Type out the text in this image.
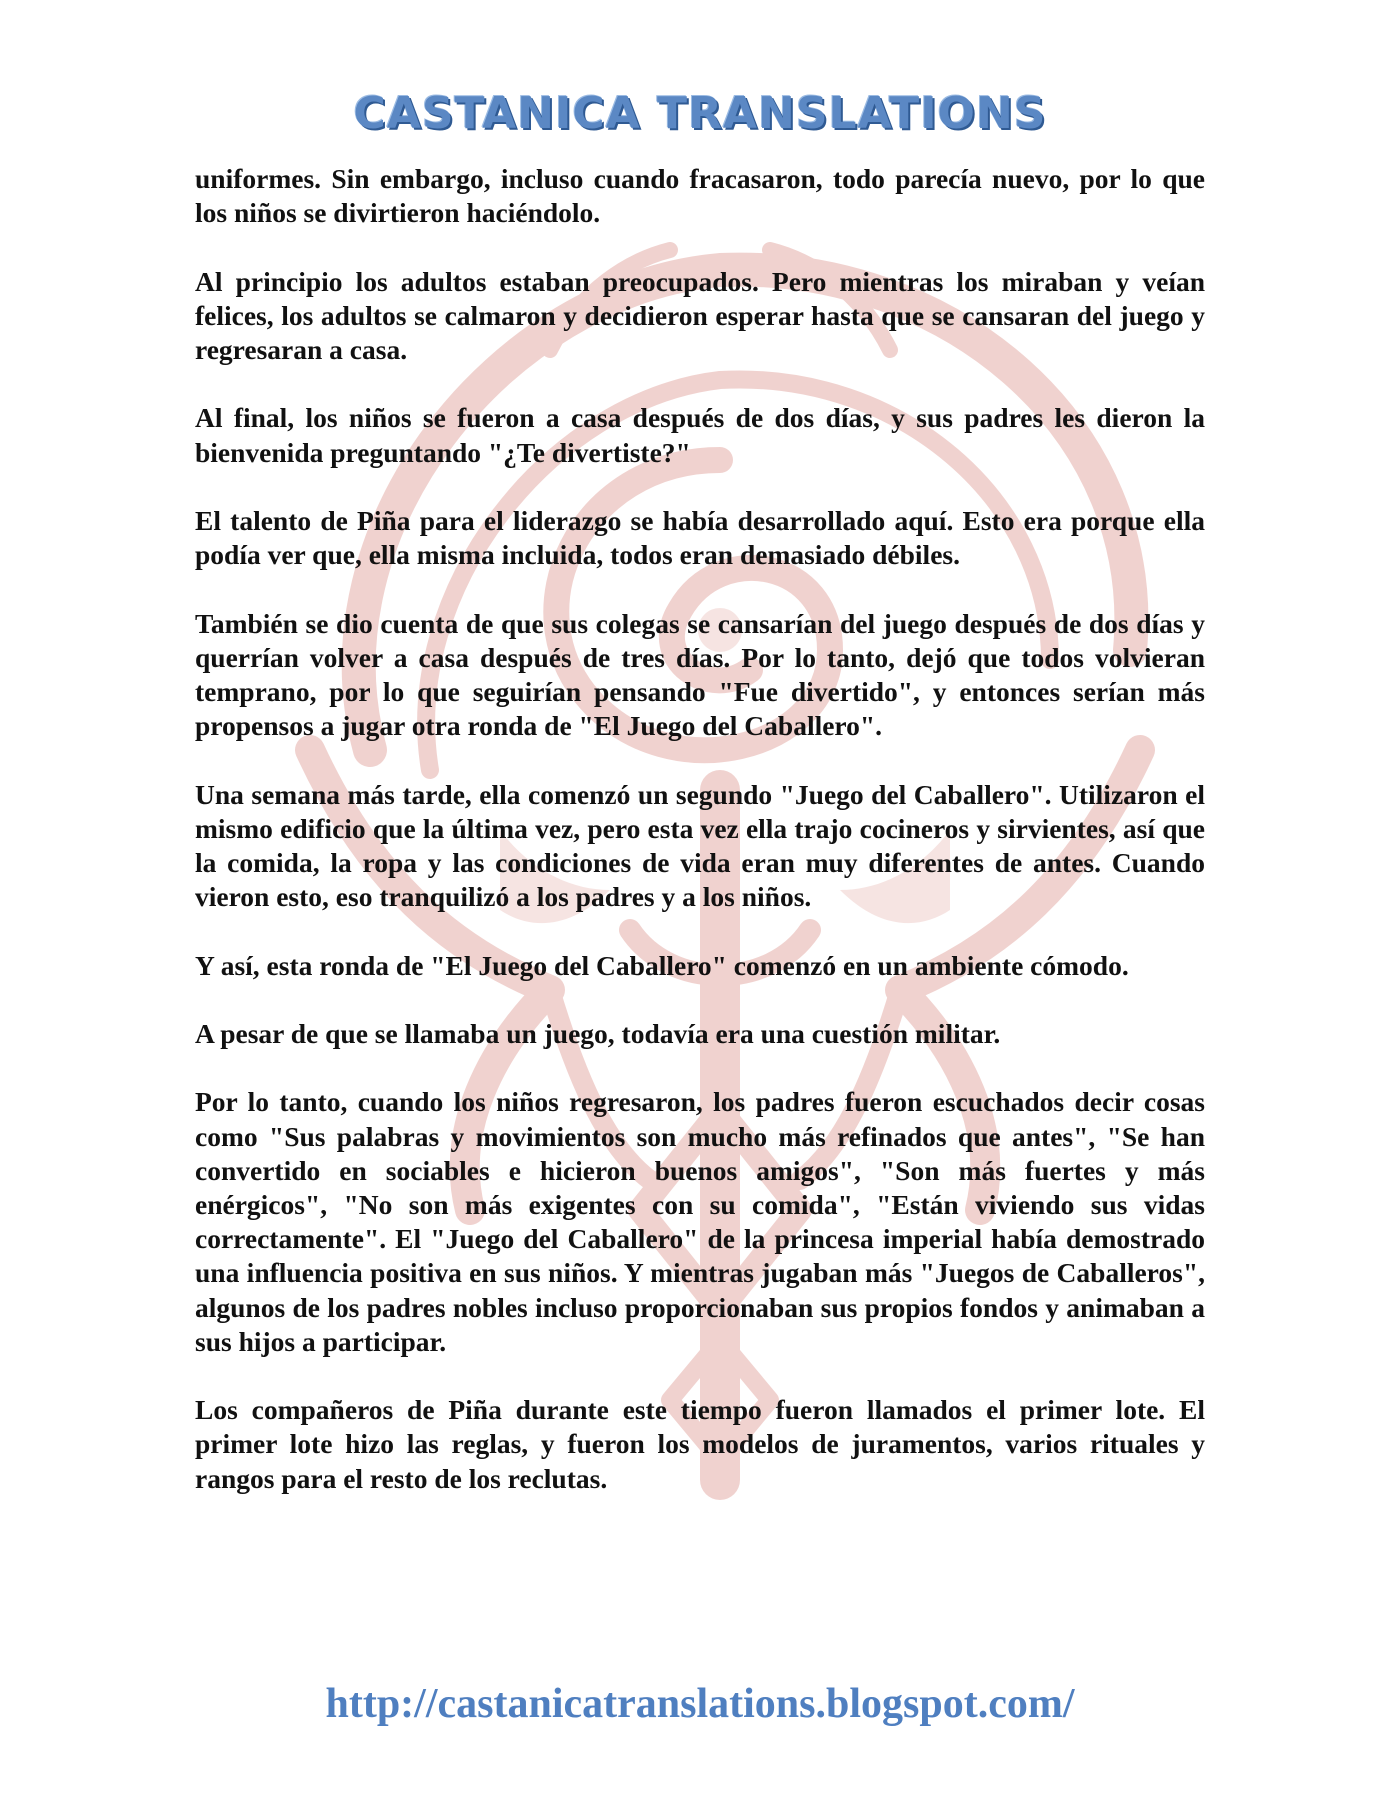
CASTANICA TRANSLATIONS

uniformes. Sin embargo, incluso cuando fracasaron, todo parecía nuevo, por lo que los niños se divirtieron haciéndolo.

Al principio los adultos estaban preocupados. Pero mientras los miraban y veían felices, los adultos se calmaron y decidieron esperar hasta que se cansaran del juego y regresaran a casa.

Al final, los niños se fueron a casa después de dos días, y sus padres les dieron la bienvenida preguntando "¿Te divertiste?"

El talento de Piña para el liderazgo se había desarrollado aquí. Esto era porque ella podía ver que, ella misma incluida, todos eran demasiado débiles.

También se dio cuenta de que sus colegas se cansarían del juego después de dos días y querrían volver a casa después de tres días. Por lo tanto, dejó que todos volvieran temprano, por lo que seguirían pensando "Fue divertido", y entonces serían más propensos a jugar otra ronda de "El Juego del Caballero".

Una semana más tarde, ella comenzó un segundo "Juego del Caballero". Utilizaron el mismo edificio que la última vez, pero esta vez ella trajo cocineros y sirvientes, así que la comida, la ropa y las condiciones de vida eran muy diferentes de antes. Cuando vieron esto, eso tranquilizó a los padres y a los niños.

Y así, esta ronda de "El Juego del Caballero" comenzó en un ambiente cómodo.

A pesar de que se llamaba un juego, todavía era una cuestión militar.

Por lo tanto, cuando los niños regresaron, los padres fueron escuchados decir cosas como "Sus palabras y movimientos son mucho más refinados que antes", "Se han convertido en sociables e hicieron buenos amigos", "Son más fuertes y más enérgicos", "No son más exigentes con su comida", "Están viviendo sus vidas correctamente". El "Juego del Caballero" de la princesa imperial había demostrado una influencia positiva en sus niños. Y mientras jugaban más "Juegos de Caballeros", algunos de los padres nobles incluso proporcionaban sus propios fondos y animaban a sus hijos a participar.

Los compañeros de Piña durante este tiempo fueron llamados el primer lote. El primer lote hizo las reglas, y fueron los modelos de juramentos, varios rituales y rangos para el resto de los reclutas.

http://castanicatranslations.blogspot.com/
